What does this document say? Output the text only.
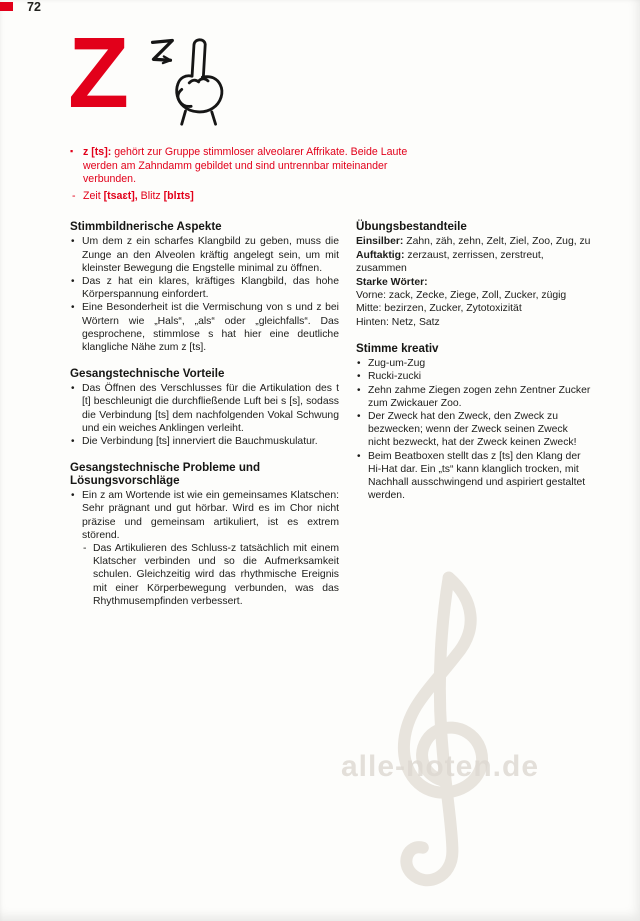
72
Z
alle-noten.de
▪ z [ts]: gehört zur Gruppe stimmloser alveolarer Affrikate. Beide Laute werden am Zahndamm gebildet und sind untrennbar miteinander verbunden.
- Zeit [tsaɛt], Blitz [blɪts]
Stimmbildnerische Aspekte
• Um dem z ein scharfes Klangbild zu geben, muss die Zunge an den Alveolen kräftig angelegt sein, um mit kleinster Bewegung die Engstelle minimal zu öffnen.
• Das z hat ein klares, kräftiges Klangbild, das hohe Körperspannung einfordert.
• Eine Besonderheit ist die Vermischung von s und z bei Wörtern wie „Hals“, „als“ oder „gleichfalls“. Das gesprochene, stimmlose s hat hier eine deutliche klangliche Nähe zum z [ts].
Gesangstechnische Vorteile
• Das Öffnen des Verschlusses für die Artikulation des t [t] beschleunigt die durchfließende Luft bei s [s], sodass die Verbindung [ts] dem nachfolgenden Vokal Schwung und ein weiches Anklingen verleiht.
• Die Verbindung [ts] innerviert die Bauchmuskulatur.
Gesangstechnische Probleme und Lösungsvorschläge
• Ein z am Wortende ist wie ein gemeinsames Klatschen: Sehr prägnant und gut hörbar. Wird es im Chor nicht präzise und gemeinsam artikuliert, ist es extrem störend.
- Das Artikulieren des Schluss-z tatsächlich mit einem Klatscher verbinden und so die Aufmerksamkeit schulen. Gleichzeitig wird das rhythmische Ereignis mit einer Körperbewegung verbunden, was das Rhythmusempfinden verbessert.
Übungsbestandteile
Einsilber: Zahn, zäh, zehn, Zelt, Ziel, Zoo, Zug, zu
Auftaktig: zerzaust, zerrissen, zerstreut, zusammen
Starke Wörter:
Vorne: zack, Zecke, Ziege, Zoll, Zucker, zügig
Mitte: bezirzen, Zucker, Zytotoxizität
Hinten: Netz, Satz
Stimme kreativ
• Zug-um-Zug
• Rucki-zucki
• Zehn zahme Ziegen zogen zehn Zentner Zucker zum Zwickauer Zoo.
• Der Zweck hat den Zweck, den Zweck zu bezwecken; wenn der Zweck seinen Zweck nicht bezweckt, hat der Zweck keinen Zweck!
• Beim Beatboxen stellt das z [ts] den Klang der Hi-Hat dar. Ein „ts“ kann klanglich trocken, mit Nachhall ausschwingend und aspiriert gestaltet werden.
